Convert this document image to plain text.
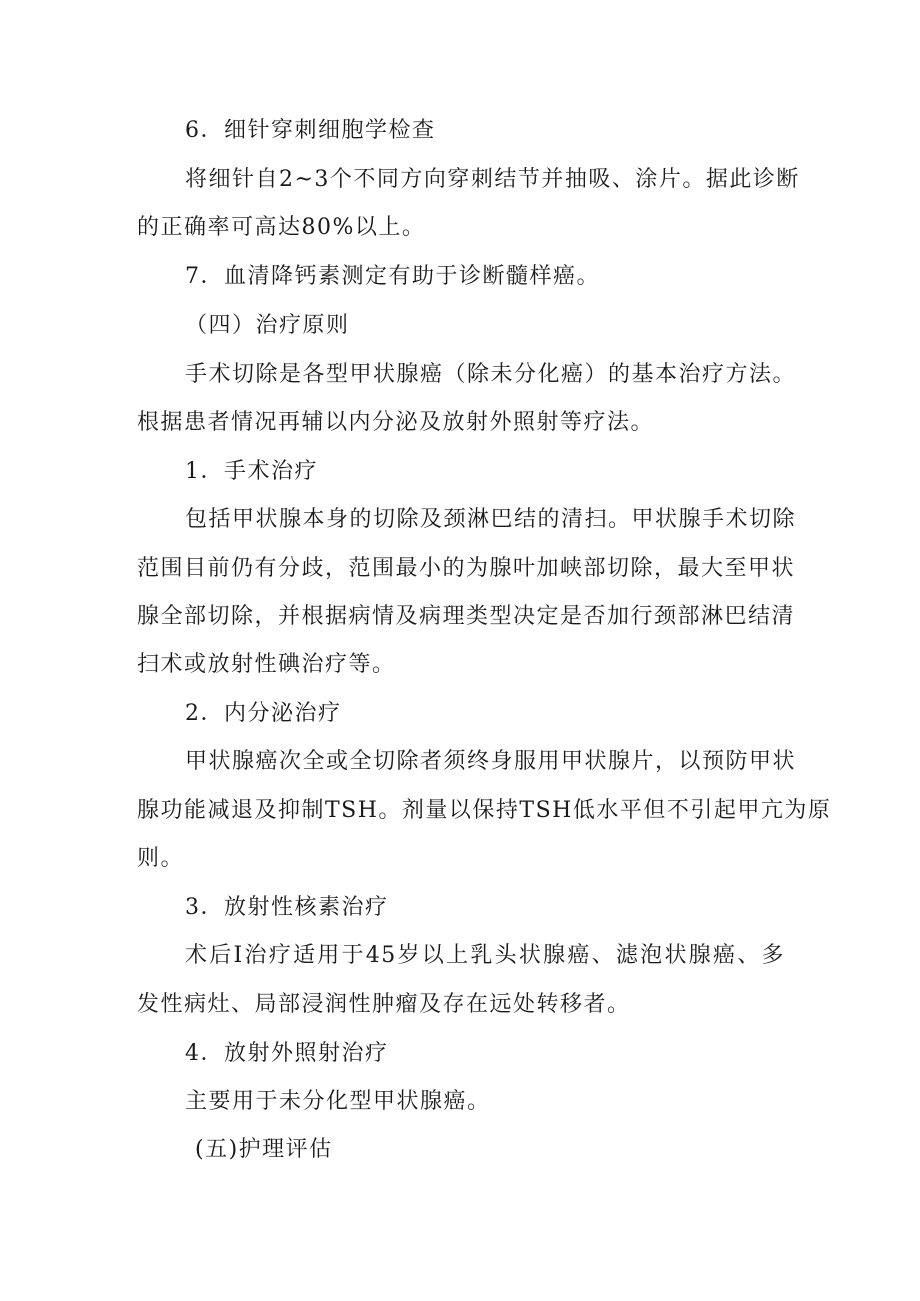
6．细针穿刺细胞学检查
将细针自2~3个不同方向穿刺结节并抽吸、涂片。据此诊断
的正确率可高达80%以上。
7．血清降钙素测定有助于诊断髓样癌。
（四）治疗原则
手术切除是各型甲状腺癌（除未分化癌）的基本治疗方法。
根据患者情况再辅以内分泌及放射外照射等疗法。
1．手术治疗
包括甲状腺本身的切除及颈淋巴结的清扫。甲状腺手术切除
范围目前仍有分歧，范围最小的为腺叶加峡部切除，最大至甲状
腺全部切除，并根据病情及病理类型决定是否加行颈部淋巴结清
扫术或放射性碘治疗等。
2．内分泌治疗
甲状腺癌次全或全切除者须终身服用甲状腺片，以预防甲状
腺功能减退及抑制TSH。剂量以保持TSH低水平但不引起甲亢为原
则。
3．放射性核素治疗
术后I治疗适用于45岁以上乳头状腺癌、滤泡状腺癌、多
发性病灶、局部浸润性肿瘤及存在远处转移者。
4．放射外照射治疗
主要用于未分化型甲状腺癌。
(五)护理评估
